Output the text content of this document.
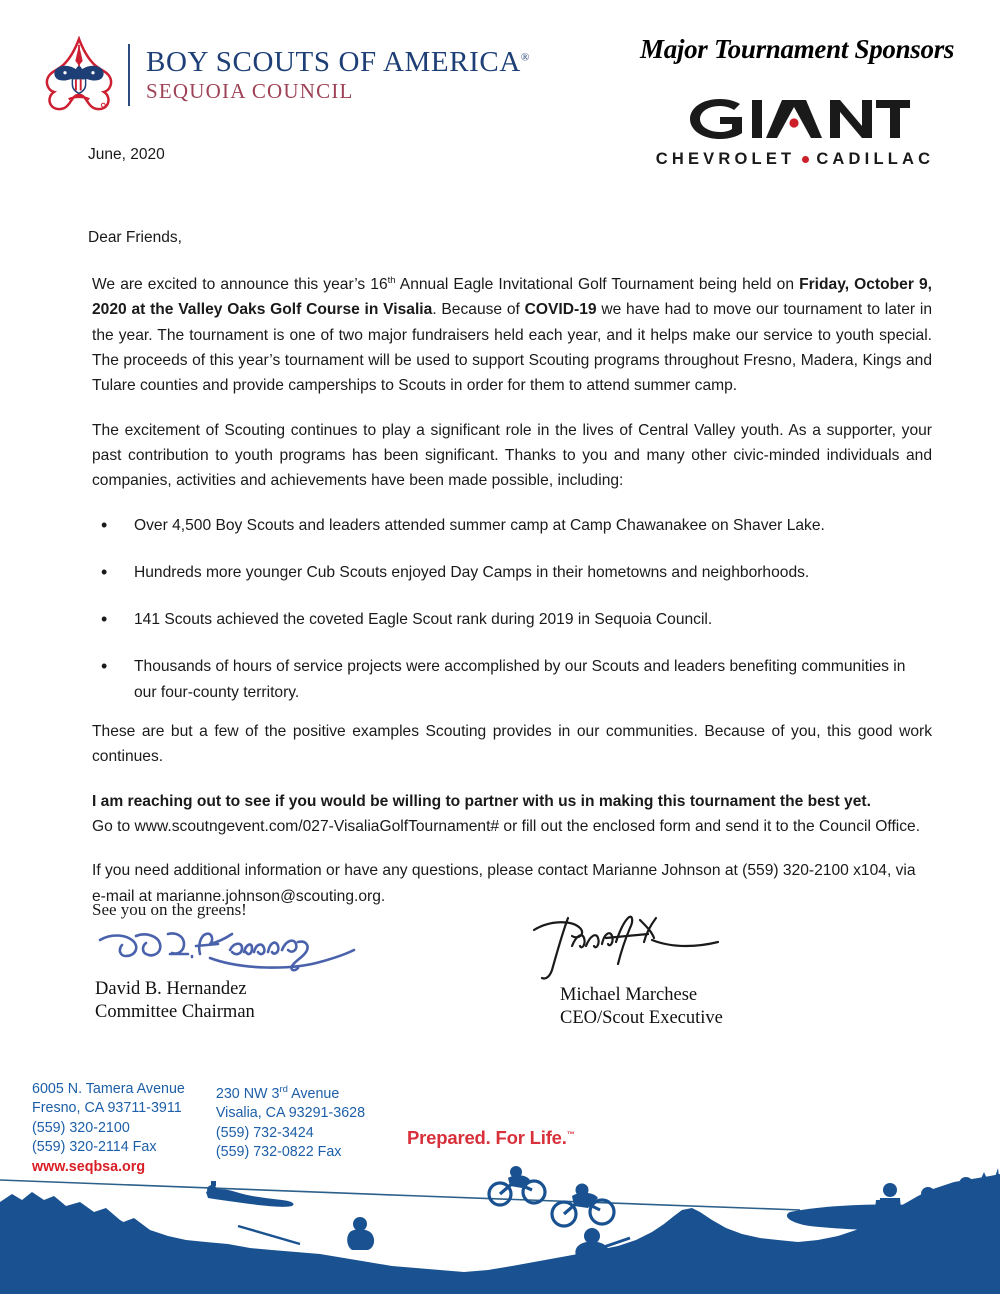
BOY SCOUTS OF AMERICA®
SEQUOIA COUNCIL
Major Tournament Sponsors
CHEVROLET CADILLAC
June, 2020
Dear Friends,

We are excited to announce this year’s 16th Annual Eagle Invitational Golf Tournament being held on Friday, October 9, 2020 at the Valley Oaks Golf Course in Visalia. Because of COVID-19 we have had to move our tournament to later in the year. The tournament is one of two major fundraisers held each year, and it helps make our service to youth special. The proceeds of this year’s tournament will be used to support Scouting programs throughout Fresno, Madera, Kings and Tulare counties and provide camperships to Scouts in order for them to attend summer camp.

The excitement of Scouting continues to play a significant role in the lives of Central Valley youth. As a supporter, your past contribution to youth programs has been significant. Thanks to you and many other civic-minded individuals and companies, activities and achievements have been made possible, including:

• Over 4,500 Boy Scouts and leaders attended summer camp at Camp Chawanakee on Shaver Lake.
• Hundreds more younger Cub Scouts enjoyed Day Camps in their hometowns and neighborhoods.
• 141 Scouts achieved the coveted Eagle Scout rank during 2019 in Sequoia Council.
• Thousands of hours of service projects were accomplished by our Scouts and leaders benefiting communities in our four-county territory.

These are but a few of the positive examples Scouting provides in our communities. Because of you, this good work continues.

I am reaching out to see if you would be willing to partner with us in making this tournament the best yet.

Go to www.scoutngevent.com/027-VisaliaGolfTournament# or fill out the enclosed form and send it to the Council Office.

If you need additional information or have any questions, please contact Marianne Johnson at (559) 320-2100 x104, via e-mail at marianne.johnson@scouting.org.

See you on the greens!
David B. Hernandez
Committee Chairman
Michael Marchese
CEO/Scout Executive
6005 N. Tamera Avenue
Fresno, CA 93711-3911
(559) 320-2100
(559) 320-2114 Fax
www.seqbsa.org
230 NW 3rd Avenue
Visalia, CA 93291-3628
(559) 732-3424
(559) 732-0822 Fax
Prepared. For Life.™
